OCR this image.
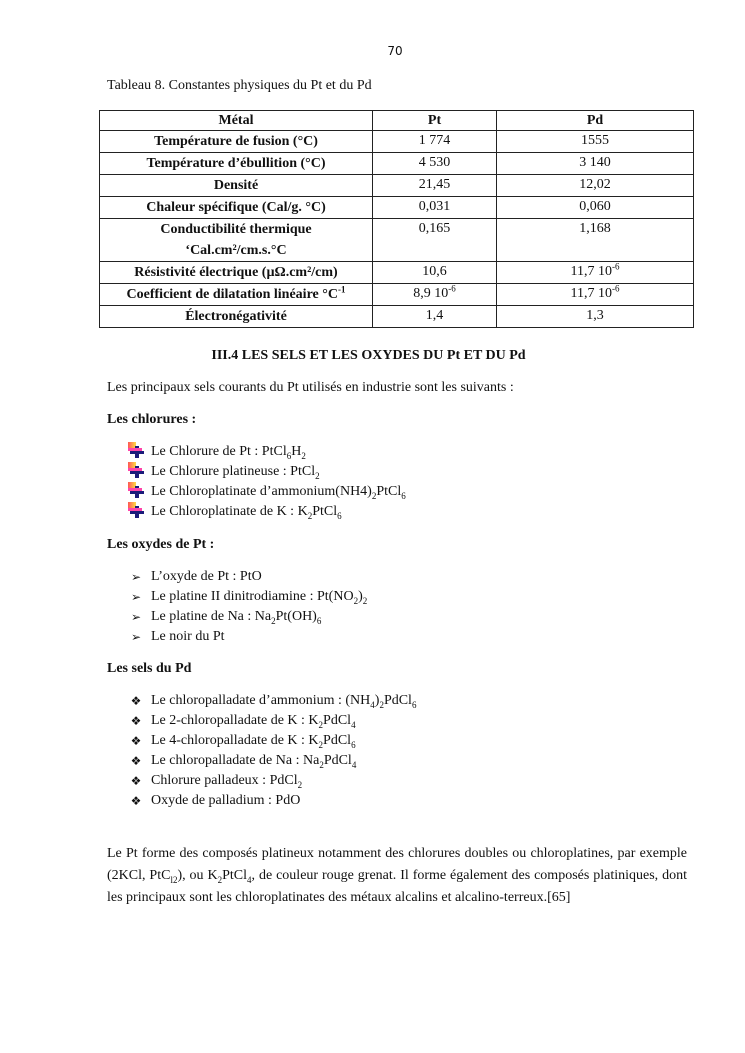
70
Tableau 8. Constantes physiques du Pt et du Pd
Métal	Pt	Pd
Température de fusion (°C)	1 774	1555
Température d’ébullition (°C)	4 530	3 140
Densité	21,45	12,02
Chaleur spécifique (Cal/g. °C)	0,031	0,060
Conductibilité thermique
‘Cal.cm²/cm.s.°C	0,165	1,168
Résistivité électrique (µΩ.cm²/cm)	10,6	11,7 $10^{-6}$
Coefficient de dilatation linéaire $^\circ C^{-1}$	8,9 $10^{-6}$	11,7 $10^{-6}$
Électronégativité	1,4	1,3
III.4 LES SELS ET LES OXYDES DU Pt ET DU Pd
Les principaux sels courants du Pt utilisés en industrie sont les suivants :
Les chlorures :
Le Chlorure de Pt : $PtCl_6H_2$
Le Chlorure platineuse : PtCl$_2$
Le Chloroplatinate $d’ammonium(NH4)_2PtCl_6$
Le Chloroplatinate de K : $K_2PtCl_6$
Les oxydes de Pt :
➢ L’oxyde de Pt : PtO
➢ Le platine II dinitrodiamine : $Pt(NO_2)_2$
➢ Le platine de Na : $Na_2Pt(OH)_6$
➢ Le noir du Pt
Les sels du Pd
❖ Le chloropalladate d’ammonium : $(NH_4)_2PdCl_6$
❖ Le 2-chloropalladate de K : $K_2PdCl_4$
❖ Le 4-chloropalladate de K : $K_2PdCl_6$
❖ Le chloropalladate de Na : $Na_2PdCl_4$
❖ Chlorure palladeux : PdCl$_2$
❖ Oxyde de palladium : PdO
Le Pt forme des composés platineux notamment des chlorures doubles ou chloroplatines, par exemple (2KCl, PtC$_{l2}$), ou $K_2PtCl_4$, de couleur rouge grenat. Il forme également des composés platiniques, dont les principaux sont les chloroplatinates des métaux alcalins et alcalino-terreux.[65]
